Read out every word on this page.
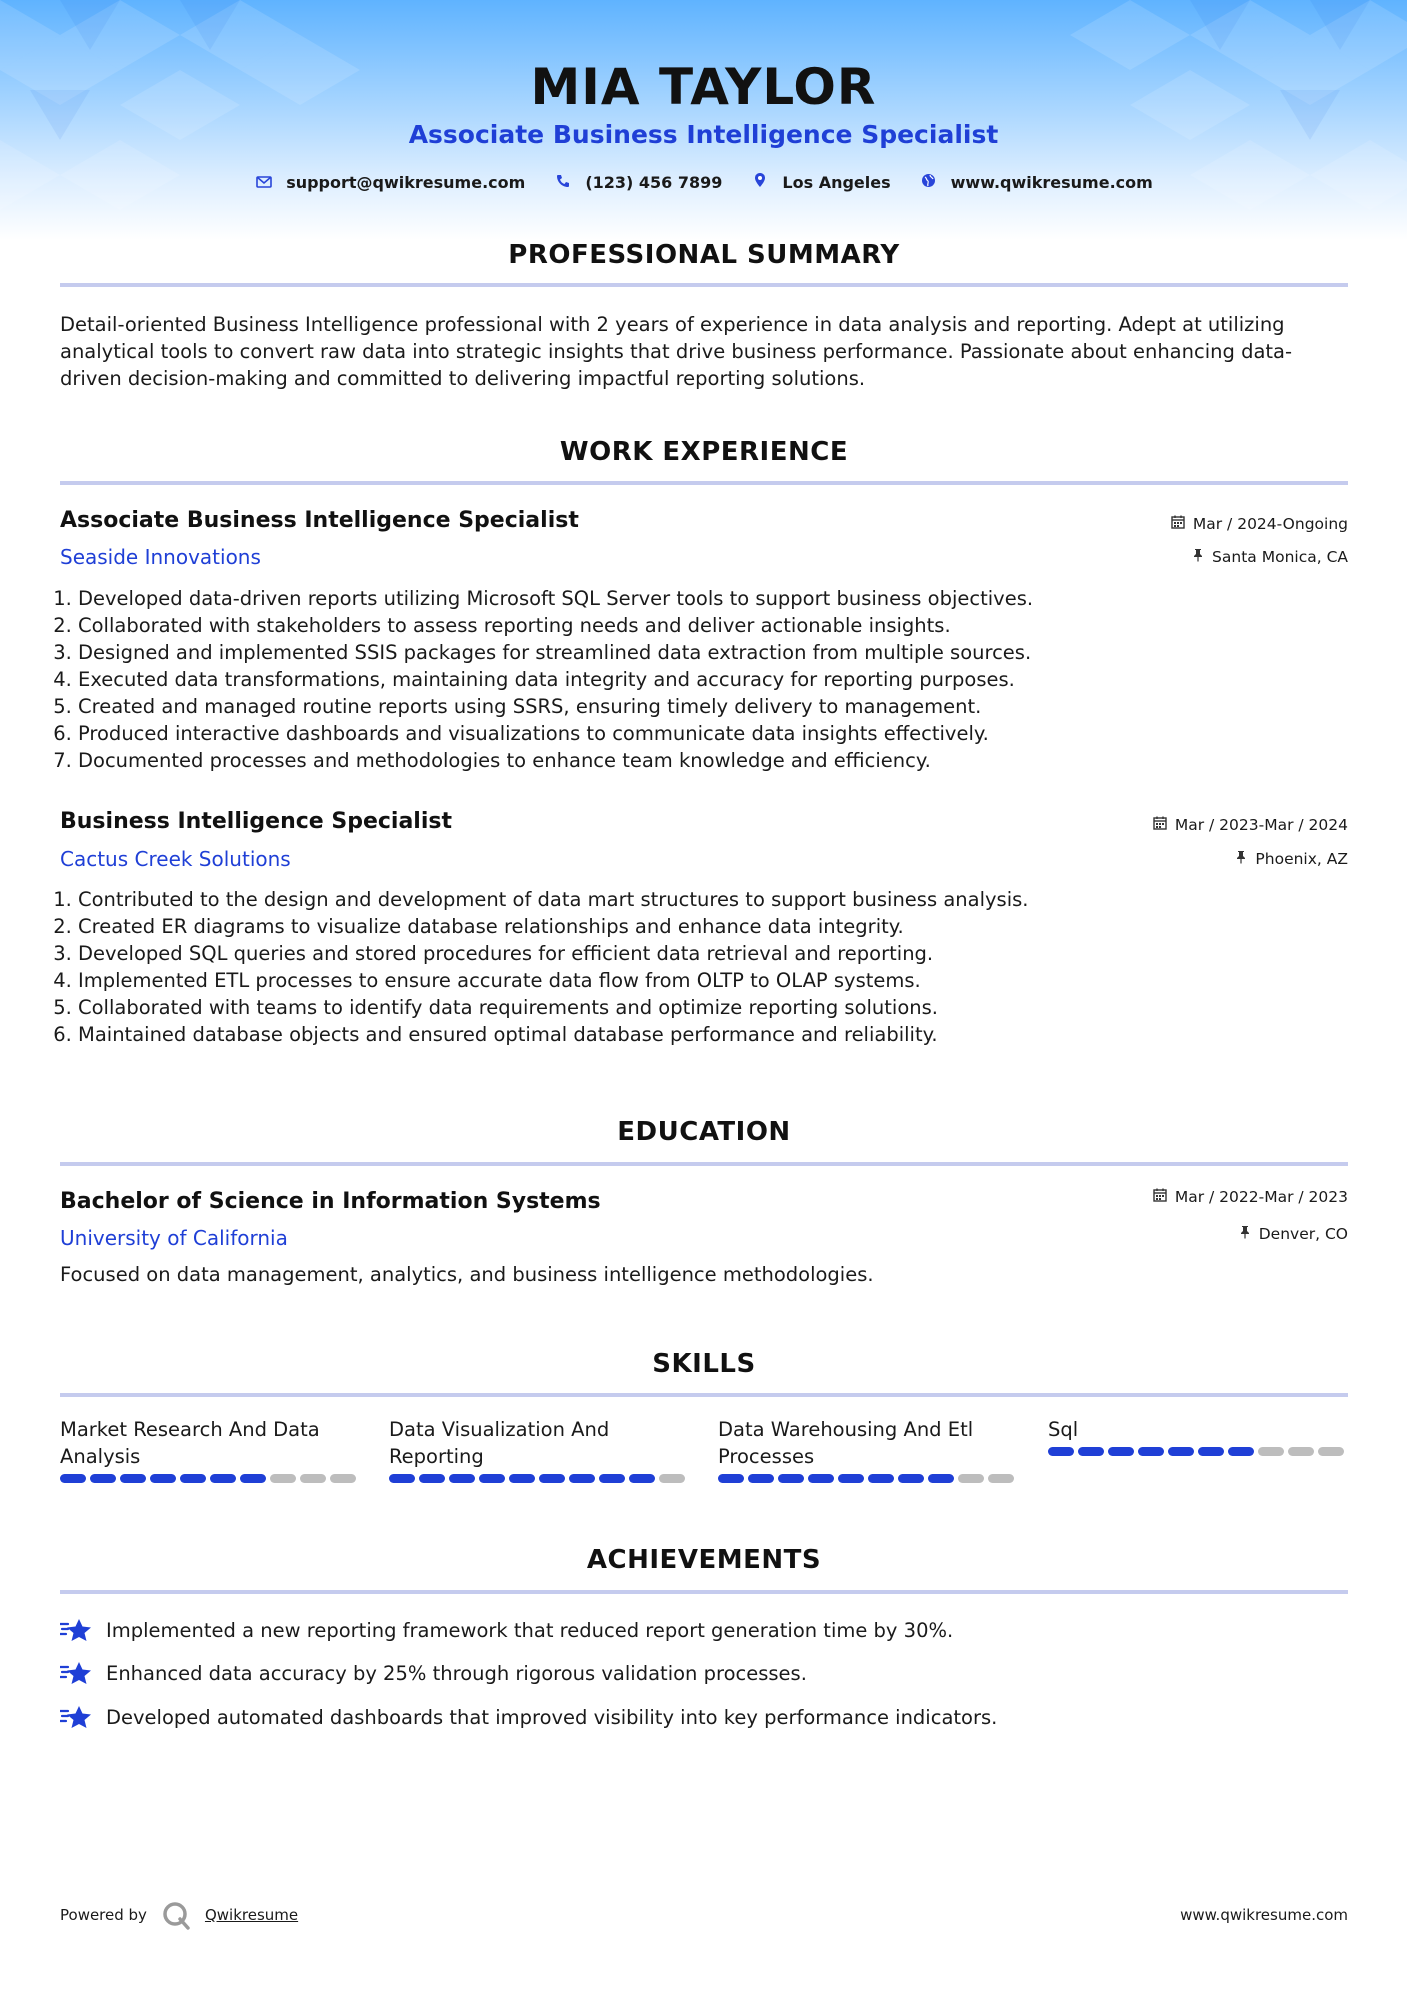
MIA TAYLOR
Associate Business Intelligence Specialist
support@qwikresume.com	(123) 456 7899	Los Angeles	www.qwikresume.com
PROFESSIONAL SUMMARY
Detail-oriented Business Intelligence professional with 2 years of experience in data analysis and reporting. Adept at utilizing
analytical tools to convert raw data into strategic insights that drive business performance. Passionate about enhancing data-
driven decision-making and committed to delivering impactful reporting solutions.
WORK EXPERIENCE
Associate Business Intelligence Specialist
Seaside Innovations
Mar / 2024-Ongoing
Santa Monica, CA
1. Developed data-driven reports utilizing Microsoft SQL Server tools to support business objectives.
2. Collaborated with stakeholders to assess reporting needs and deliver actionable insights.
3. Designed and implemented SSIS packages for streamlined data extraction from multiple sources.
4. Executed data transformations, maintaining data integrity and accuracy for reporting purposes.
5. Created and managed routine reports using SSRS, ensuring timely delivery to management.
6. Produced interactive dashboards and visualizations to communicate data insights effectively.
7. Documented processes and methodologies to enhance team knowledge and efficiency.
Business Intelligence Specialist
Cactus Creek Solutions
Mar / 2023-Mar / 2024
Phoenix, AZ
1. Contributed to the design and development of data mart structures to support business analysis.
2. Created ER diagrams to visualize database relationships and enhance data integrity.
3. Developed SQL queries and stored procedures for efficient data retrieval and reporting.
4. Implemented ETL processes to ensure accurate data flow from OLTP to OLAP systems.
5. Collaborated with teams to identify data requirements and optimize reporting solutions.
6. Maintained database objects and ensured optimal database performance and reliability.
EDUCATION
Bachelor of Science in Information Systems
University of California
Mar / 2022-Mar / 2023
Denver, CO
Focused on data management, analytics, and business intelligence methodologies.
SKILLS
Market Research And Data
Analysis
Data Visualization And
Reporting
Data Warehousing And Etl
Processes
Sql
ACHIEVEMENTS
Implemented a new reporting framework that reduced report generation time by 30%.
Enhanced data accuracy by 25% through rigorous validation processes.
Developed automated dashboards that improved visibility into key performance indicators.
Powered by	Qwikresume	www.qwikresume.com
